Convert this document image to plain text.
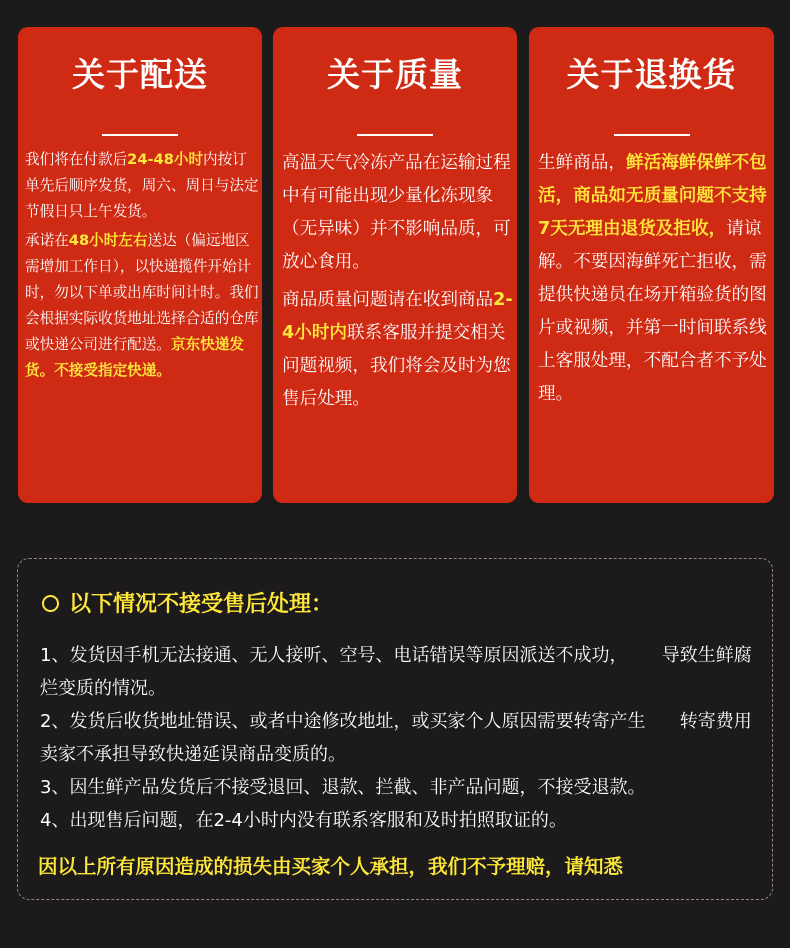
关于配送

我们将在付款后24-48小时内按订单先后顺序发货，周六、周日与法定节假日只上午发货。

承诺在48小时左右送达（偏远地区需增加工作日），以快递揽件开始计时，勿以下单或出库时间计时。我们会根据实际收货地址选择合适的仓库或快递公司进行配送。京东快递发货。不接受指定快递。

关于质量

高温天气冷冻产品在运输过程中有可能出现少量化冻现象（无异味）并不影响品质，可放心食用。

商品质量问题请在收到商品2-4小时内联系客服并提交相关问题视频，我们将会及时为您售后处理。

关于退换货

生鲜商品，鲜活海鲜保鲜不包活，商品如无质量问题不支持7天无理由退货及拒收，请谅解。不要因海鲜死亡拒收，需提供快递员在场开箱验货的图片或视频，并第一时间联系线上客服处理，不配合者不予处理。

以下情况不接受售后处理：
1、发货因手机无法接通、无人接听、空号、电话错误等原因派送不成功，      导致生鲜腐烂变质的情况。
2、发货后收货地址错误、或者中途修改地址，或买家个人原因需要转寄产生      转寄费用卖家不承担导致快递延误商品变质的。
3、因生鲜产品发货后不接受退回、退款、拦截、非产品问题，不接受退款。
4、出现售后问题，在2-4小时内没有联系客服和及时拍照取证的。
因以上所有原因造成的损失由买家个人承担，我们不予理赔，请知悉
